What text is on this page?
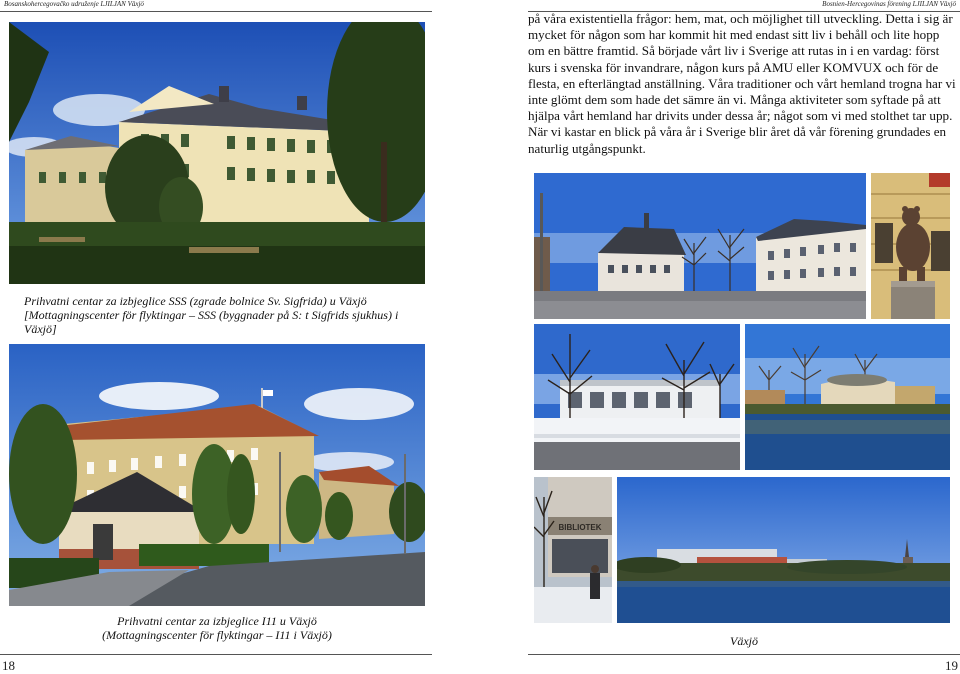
Bosanskohercegovačko udruženje LJILJAN Växjö
Prihvatni centar za izbjeglice SSS (zgrade bolnice Sv. Sigfrida) u Växjö
[Mottagningscenter för flyktingar – SSS (byggnader på S: t Sigfrids sjukhus) i Växjö]
Prihvatni centar za izbjeglice I11 u Växjö
(Mottagningscenter för flyktingar – I11 i Växjö)
18
Bosnien-Hercegovinas förening LJILJAN Växjö
på våra existentiella frågor: hem, mat, och möjlighet till utveckling. Detta i sig är mycket för någon som har kommit hit med endast sitt liv i behåll och lite hopp om en bättre framtid. Så började vårt liv i Sverige att rutas in i en vardag: först kurs i svenska för invandrare, någon kurs på AMU eller KOMVUX och för de flesta, en efterlängtad anställning. Våra traditioner och vårt hemland trogna har vi inte glömt dem som hade det sämre än vi. Många aktiviteter som syftade på att hjälpa vårt hemland har drivits under dessa år; något som vi med stolthet tar upp. När vi kastar en blick på våra år i Sverige blir året då vår förening grundades en naturlig utgångspunkt.
BIBLIOTEK
Växjö
19
